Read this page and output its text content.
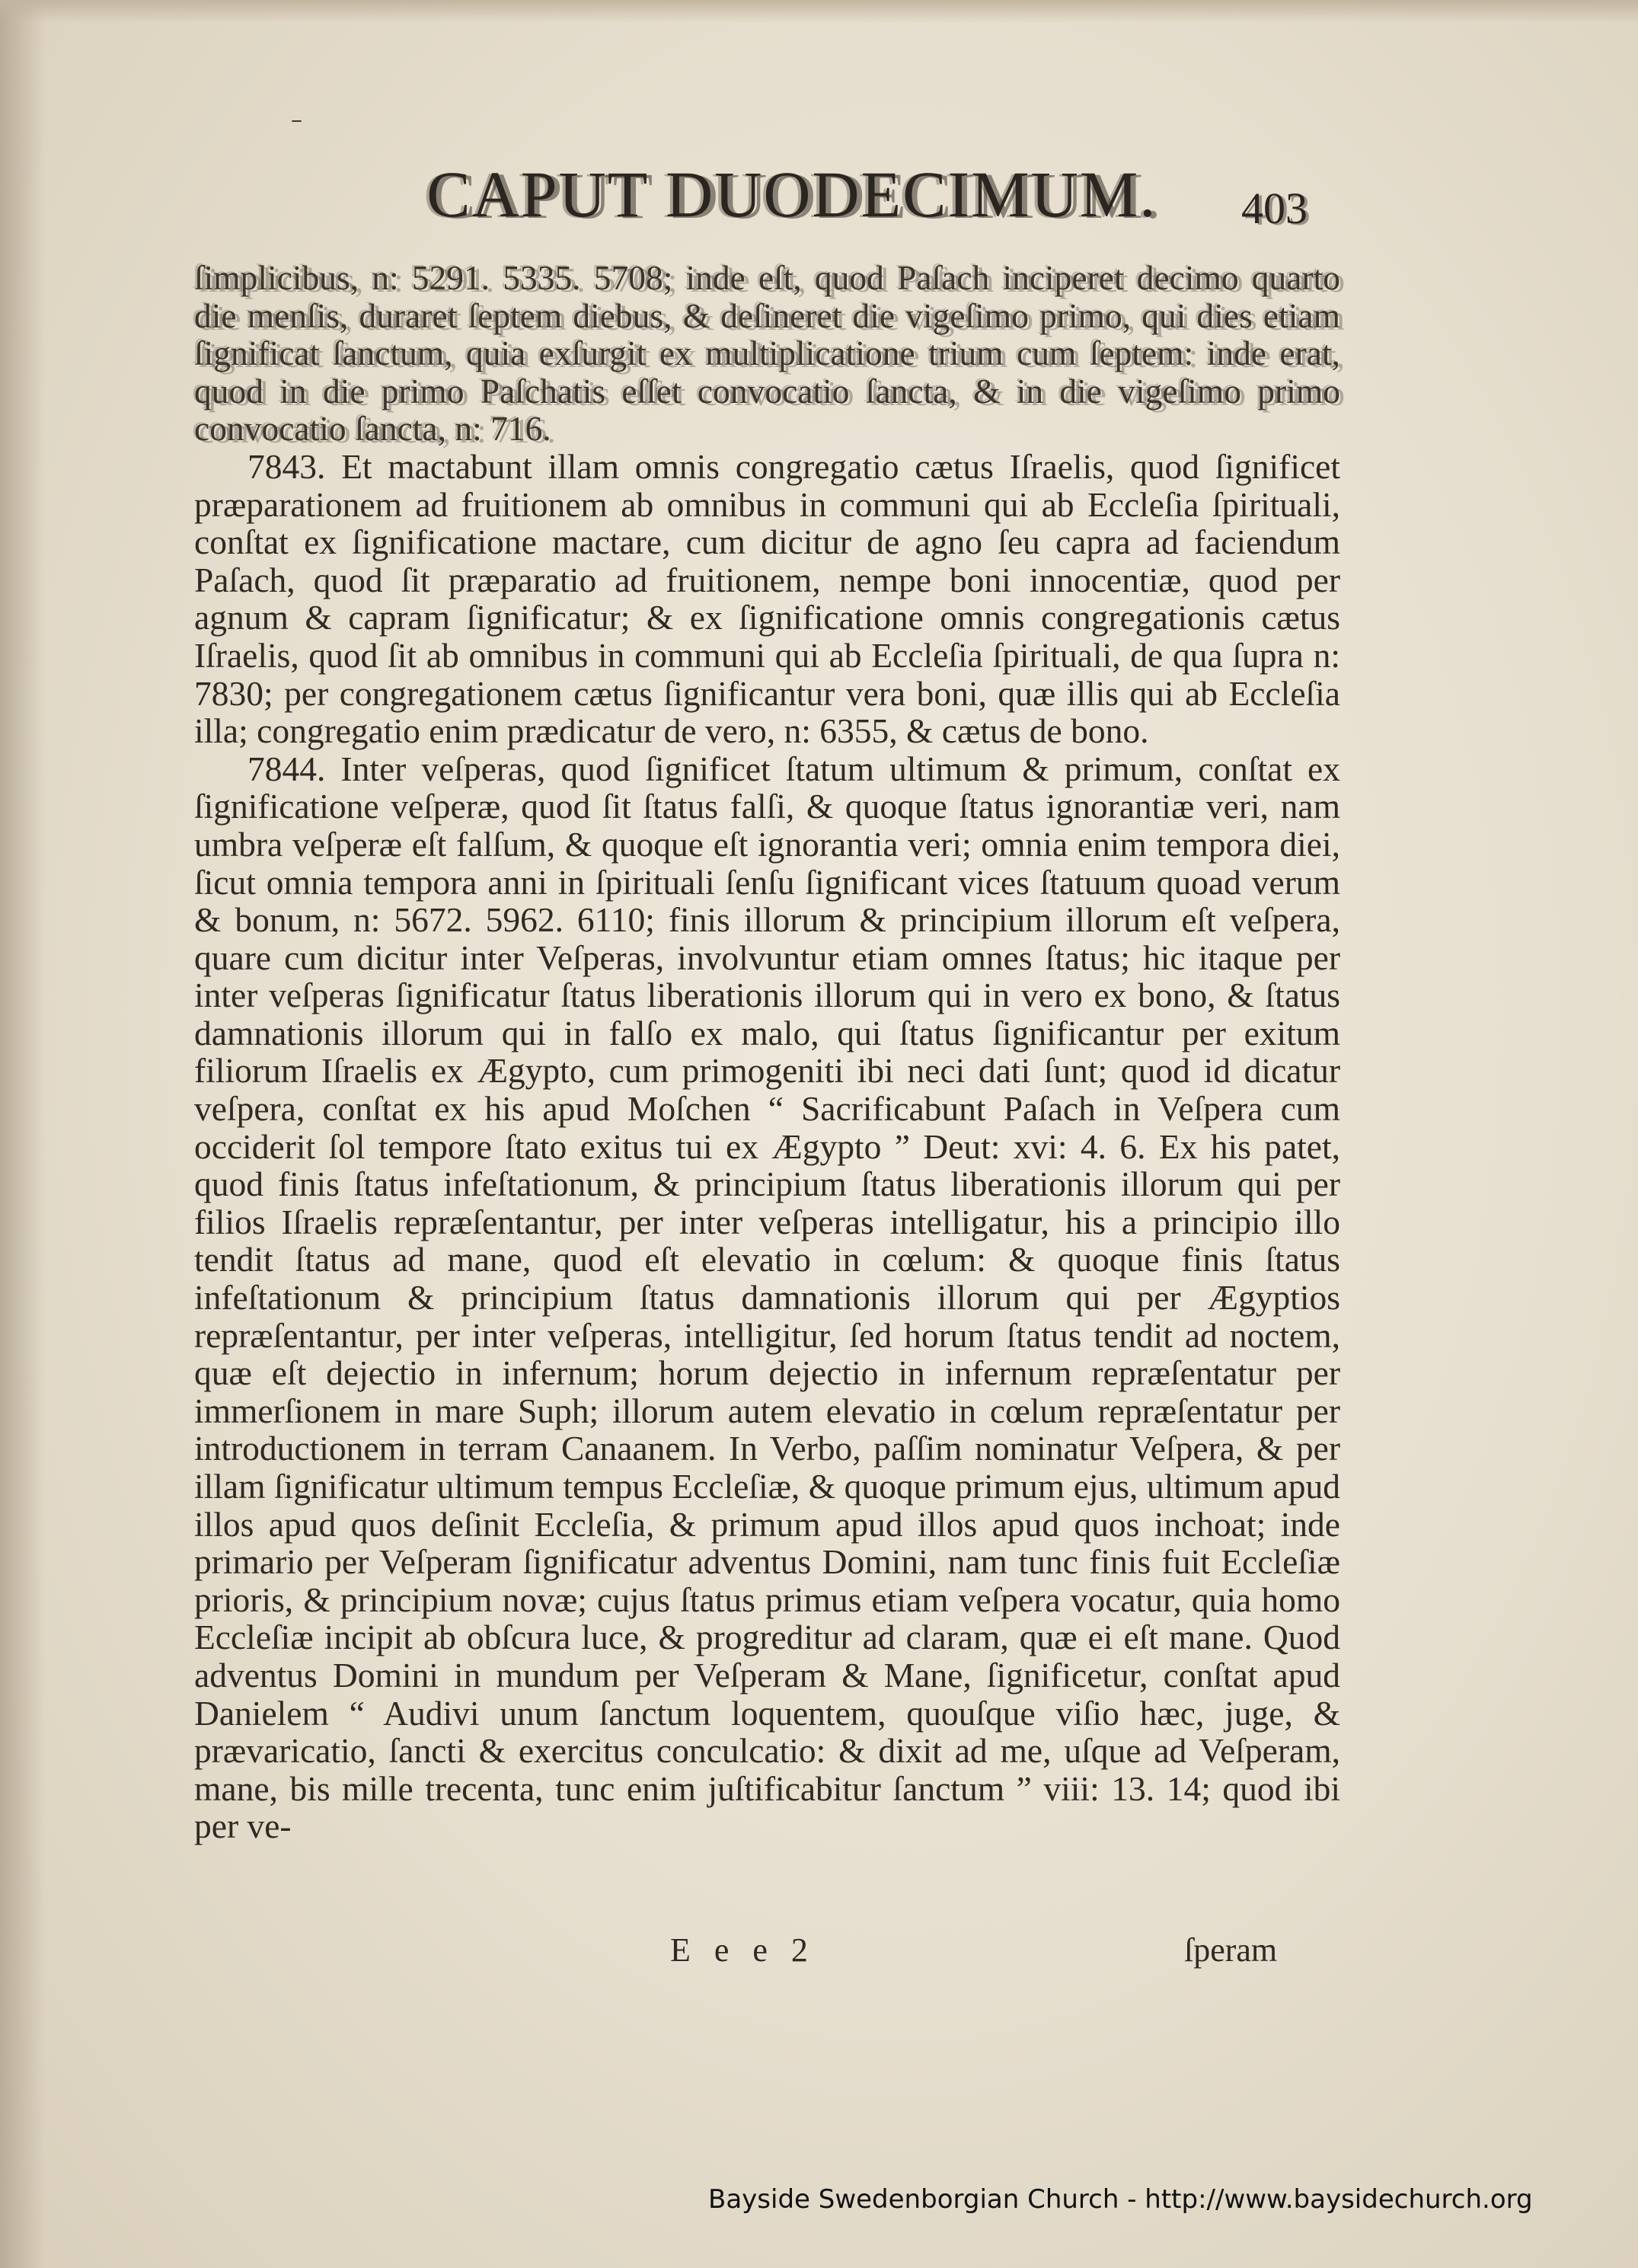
–
CAPUT DUODECIMUM.	403

ſimplicibus, n: 5291. 5335. 5708; inde eſt, quod Paſach inciperet decimo quarto die menſis, duraret ſeptem diebus, & deſineret die vigeſimo primo, qui dies etiam ſignificat ſanctum, quia exſurgit ex multiplicatione trium cum ſeptem: inde erat, quod in die primo Paſchatis eſſet convocatio ſancta, & in die vigeſimo primo convocatio ſancta, n: 716.

7843. Et mactabunt illam omnis congregatio cætus Iſraelis, quod ſignificet præparationem ad fruitionem ab omnibus in communi qui ab Eccleſia ſpirituali, conſtat ex ſignificatione mactare, cum dicitur de agno ſeu capra ad faciendum Paſach, quod ſit præparatio ad fruitionem, nempe boni innocentiæ, quod per agnum & capram ſignificatur; & ex ſignificatione omnis congregationis cætus Iſraelis, quod ſit ab omnibus in communi qui ab Eccleſia ſpirituali, de qua ſupra n: 7830; per congregationem cætus ſignificantur vera boni, quæ illis qui ab Eccleſia illa; congregatio enim prædicatur de vero, n: 6355, & cætus de bono.

7844. Inter veſperas, quod ſignificet ſtatum ultimum & primum, conſtat ex ſignificatione veſperæ, quod ſit ſtatus falſi, & quoque ſtatus ignorantiæ veri, nam umbra veſperæ eſt falſum, & quoque eſt ignorantia veri; omnia enim tempora diei, ſicut omnia tempora anni in ſpirituali ſenſu ſignificant vices ſtatuum quoad verum & bonum, n: 5672. 5962. 6110; finis illorum & principium illorum eſt veſpera, quare cum dicitur inter Veſperas, involvuntur etiam omnes ſtatus; hic itaque per inter veſperas ſignificatur ſtatus liberationis illorum qui in vero ex bono, & ſtatus damnationis illorum qui in falſo ex malo, qui ſtatus ſignificantur per exitum filiorum Iſraelis ex Ægypto, cum primogeniti ibi neci dati ſunt; quod id dicatur veſpera, conſtat ex his apud Moſchen “ Sacrificabunt Paſach in Veſpera cum occiderit ſol tempore ſtato exitus tui ex Ægypto ” Deut: xvi: 4. 6. Ex his patet, quod finis ſtatus infeſtationum, & principium ſtatus liberationis illorum qui per filios Iſraelis repræſentantur, per inter veſperas intelligatur, his a principio illo tendit ſtatus ad mane, quod eſt elevatio in cœlum: & quoque finis ſtatus infeſtationum & principium ſtatus damnationis illorum qui per Ægyptios repræſentantur, per inter veſperas, intelligitur, ſed horum ſtatus tendit ad noctem, quæ eſt dejectio in infernum; horum dejectio in infernum repræſentatur per immerſionem in mare Suph; illorum autem elevatio in cœlum repræſentatur per introductionem in terram Canaanem. In Verbo, paſſim nominatur Veſpera, & per illam ſignificatur ultimum tempus Eccleſiæ, & quoque primum ejus, ultimum apud illos apud quos deſinit Eccleſia, & primum apud illos apud quos inchoat; inde primario per Veſperam ſignificatur adventus Domini, nam tunc finis fuit Eccleſiæ prioris, & principium novæ; cujus ſtatus primus etiam veſpera vocatur, quia homo Eccleſiæ incipit ab obſcura luce, & progreditur ad claram, quæ ei eſt mane. Quod adventus Domini in mundum per Veſperam & Mane, ſignificetur, conſtat apud Danielem “ Audivi unum ſanctum loquentem, quouſque viſio hæc, juge, & prævaricatio, ſancti & exercitus conculcatio: & dixit ad me, uſque ad Veſperam, mane, bis mille trecenta, tunc enim juſtificabitur ſanctum ” viii: 13. 14; quod ibi per ve-

E e e 2	ſperam
Bayside Swedenborgian Church - http://www.baysidechurch.org
